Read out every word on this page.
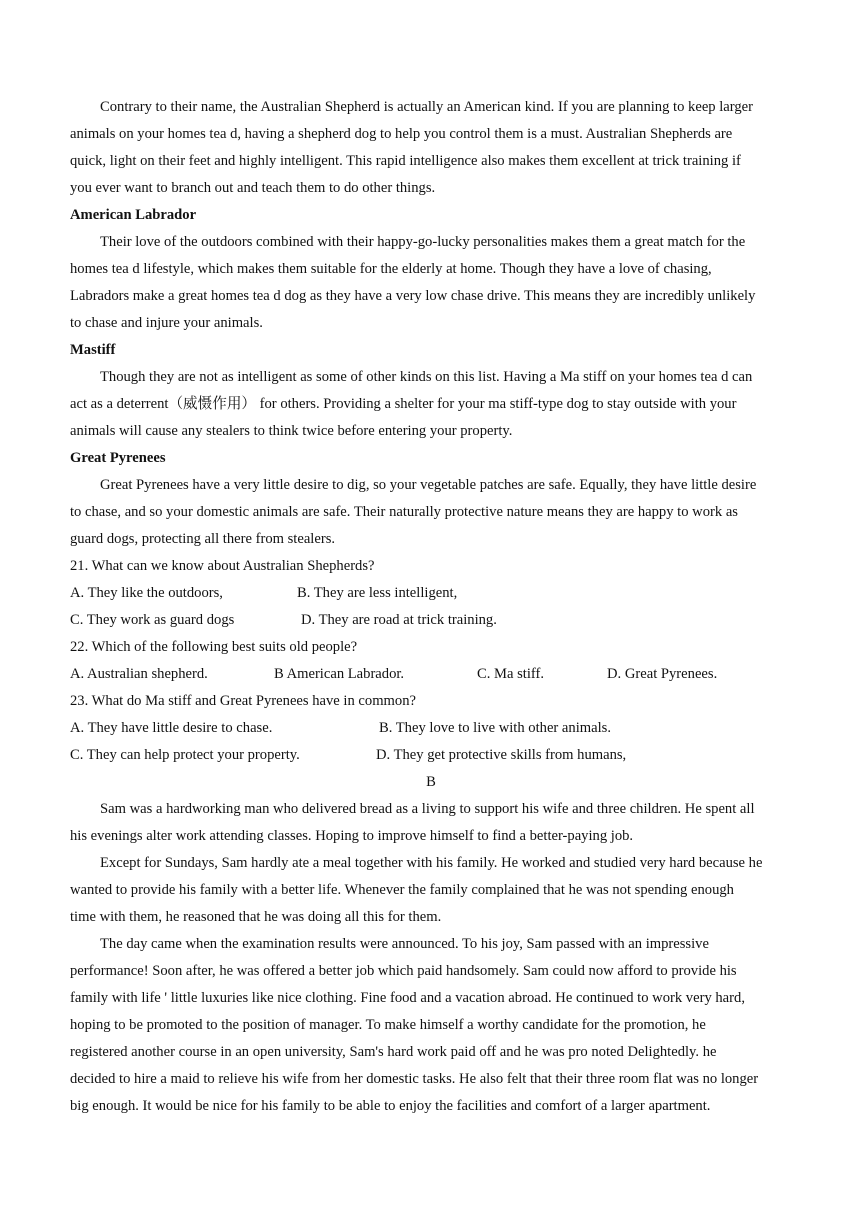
Contrary to their name, the Australian Shepherd is actually an American kind. If you are planning to keep larger
animals on your homes tea d, having a shepherd dog to help you control them is a must. Australian Shepherds are
quick, light on their feet and highly intelligent. This rapid intelligence also makes them excellent at trick training if
you ever want to branch out and teach them to do other things.
American Labrador
Their love of the outdoors combined with their happy-go-lucky personalities makes them a great match for the
homes tea d lifestyle, which makes them suitable for the elderly at home. Though they have a love of chasing,
Labradors make a great homes tea d dog as they have a very low chase drive. This means they are incredibly unlikely
to chase and injure your animals.
Mastiff
Though they are not as intelligent as some of other kinds on this list. Having a Ma stiff on your homes tea d can
act as a deterrent（威慑作用） for others. Providing a shelter for your ma stiff-type dog to stay outside with your
animals will cause any stealers to think twice before entering your property.
Great Pyrenees
Great Pyrenees have a very little desire to dig, so your vegetable patches are safe. Equally, they have little desire
to chase, and so your domestic animals are safe. Their naturally protective nature means they are happy to work as
guard dogs, protecting all there from stealers.
21. What can we know about Australian Shepherds?
A. They like the outdoors,	B. They are less intelligent,
C. They work as guard dogs	D. They are road at trick training.
22. Which of the following best suits old people?
A. Australian shepherd.	B American Labrador.	C. Ma stiff.	D. Great Pyrenees.
23. What do Ma stiff and Great Pyrenees have in common?
A. They have little desire to chase.	B. They love to live with other animals.
C. They can help protect your property.	D. They get protective skills from humans,
B
Sam was a hardworking man who delivered bread as a living to support his wife and three children. He spent all
his evenings alter work attending classes. Hoping to improve himself to find a better-paying job.
Except for Sundays, Sam hardly ate a meal together with his family. He worked and studied very hard because he
wanted to provide his family with a better life. Whenever the family complained that he was not spending enough
time with them, he reasoned that he was doing all this for them.
The day came when the examination results were announced. To his joy, Sam passed with an impressive
performance! Soon after, he was offered a better job which paid handsomely. Sam could now afford to provide his
family with life ' little luxuries like nice clothing. Fine food and a vacation abroad. He continued to work very hard,
hoping to be promoted to the position of manager. To make himself a worthy candidate for the promotion, he
registered another course in an open university, Sam's hard work paid off and he was pro noted Delightedly. he
decided to hire a maid to relieve his wife from her domestic tasks. He also felt that their three room flat was no longer
big enough. It would be nice for his family to be able to enjoy the facilities and comfort of a larger apartment.
